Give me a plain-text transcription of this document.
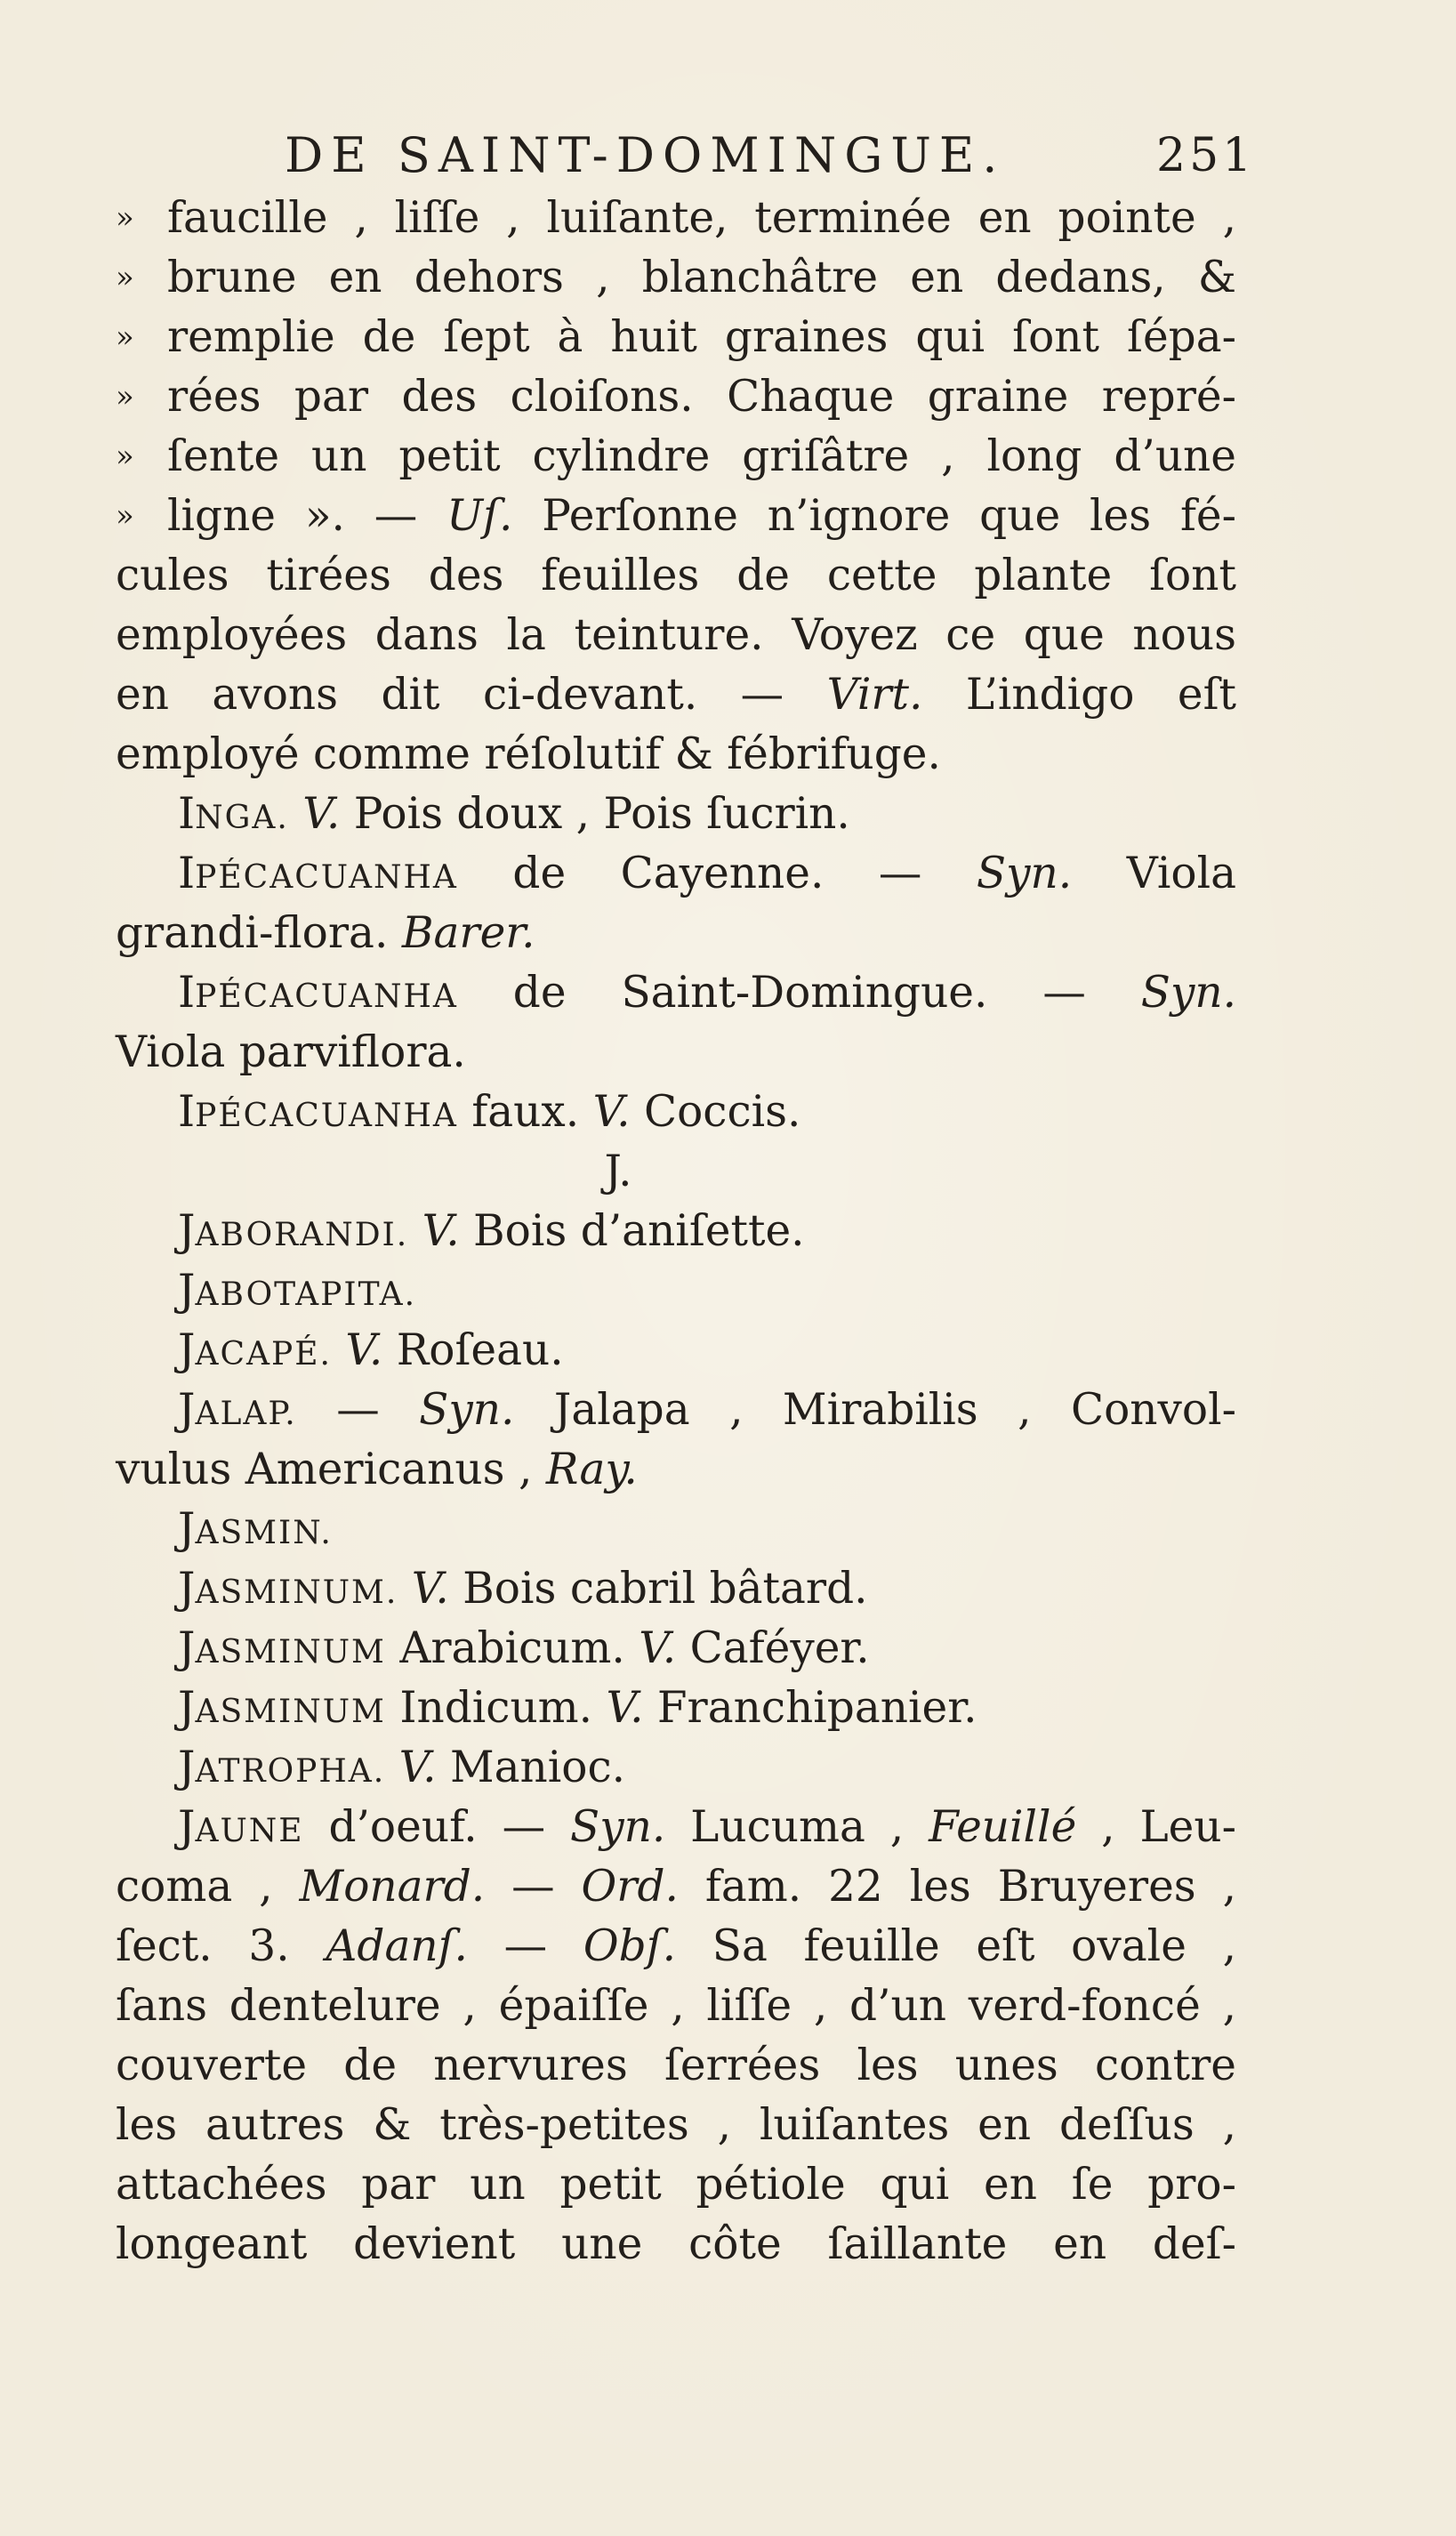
DE SAINT-DOMINGUE.	251
» faucille , liſſe , luiſante, terminée en pointe ,
» brune en dehors , blanchâtre en dedans, &
» remplie de ſept à huit graines qui ſont ſépa-
» rées par des cloiſons. Chaque graine repré-
» ſente un petit cylindre griſâtre , long d’une
» ligne ». — Uſ. Perſonne n’ignore que les fé-
cules tirées des feuilles de cette plante ſont
employées dans la teinture. Voyez ce que nous
en avons dit ci-devant. — Virt. L’indigo eſt
employé comme réſolutif & fébrifuge.
INGA. V. Pois doux , Pois ſucrin.
IPÉCACUANHA de Cayenne. — Syn. Viola
grandi-flora. Barer.
IPÉCACUANHA de Saint-Domingue. — Syn.
Viola parviflora.
IPÉCACUANHA faux. V. Coccis.
J.
JABORANDI. V. Bois d’aniſette.
JABOTAPITA.
JACAPÉ. V. Roſeau.
JALAP. — Syn. Jalapa , Mirabilis , Convol-
vulus Americanus , Ray.
JASMIN.
JASMINUM. V. Bois cabril bâtard.
JASMINUM Arabicum. V. Caféyer.
JASMINUM Indicum. V. Franchipanier.
JATROPHA. V. Manioc.
JAUNE d’oeuf. — Syn. Lucuma , Feuillé , Leu-
coma , Monard. — Ord. fam. 22 les Bruyeres ,
ſect. 3. Adanſ. — Obſ. Sa feuille eſt ovale ,
ſans dentelure , épaiſſe , liſſe , d’un verd-foncé ,
couverte de nervures ſerrées les unes contre
les autres & très-petites , luiſantes en deſſus ,
attachées par un petit pétiole qui en ſe pro-
longeant devient une côte ſaillante en deſ-
